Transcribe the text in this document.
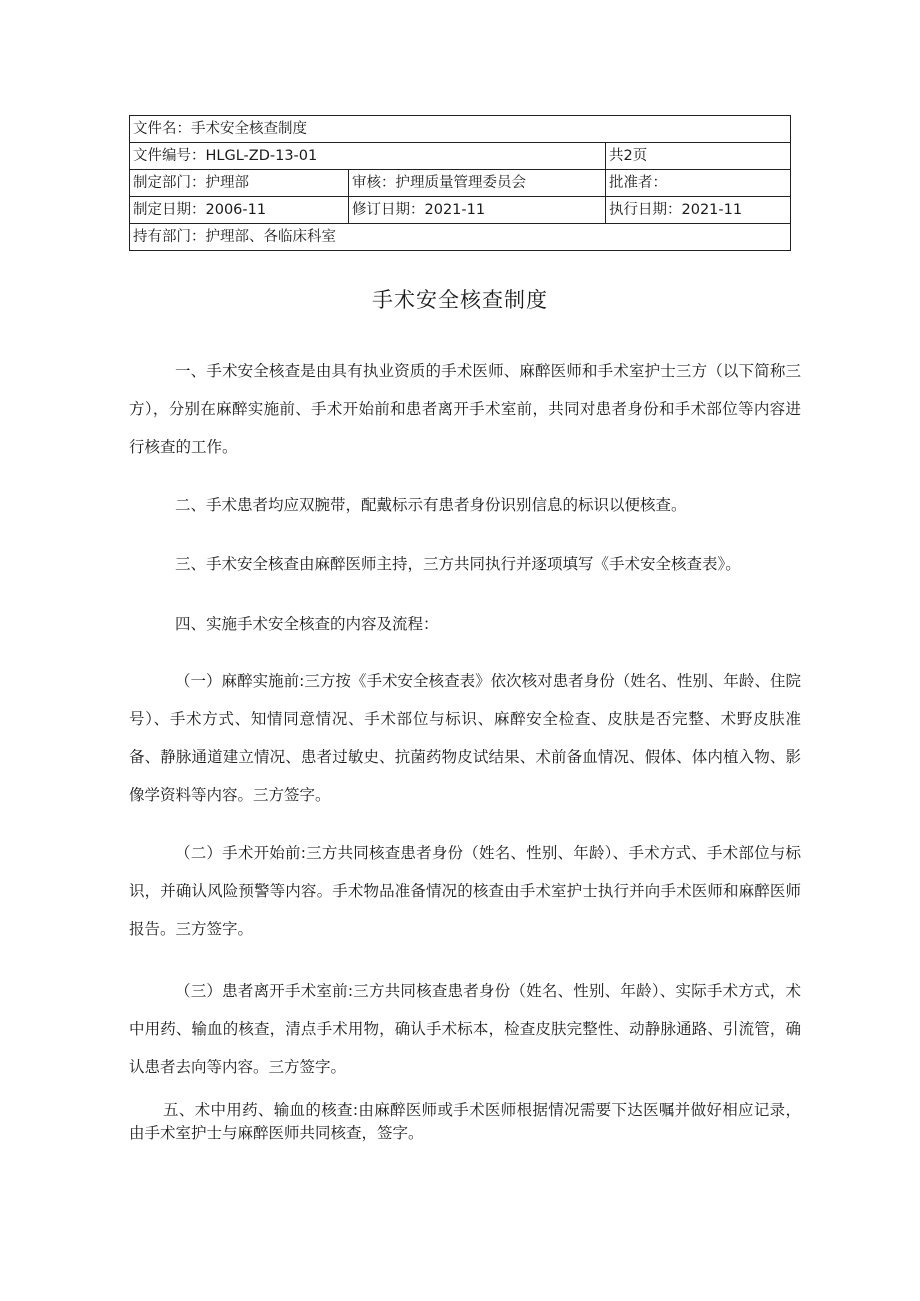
文件名：手术安全核查制度		
文件编号：HLGL-ZD-13-01		共2页
制定部门：护理部	审核：护理质量管理委员会	批准者：
制定日期：2006-11	修订日期：2021-11	执行日期：2021-11
持有部门：护理部、各临床科室		
手术安全核查制度

一、手术安全核查是由具有执业资质的手术医师、麻醉医师和手术室护士三方（以下简称三方），分别在麻醉实施前、手术开始前和患者离开手术室前，共同对患者身份和手术部位等内容进行核查的工作。

二、手术患者均应双腕带，配戴标示有患者身份识别信息的标识以便核查。

三、手术安全核查由麻醉医师主持，三方共同执行并逐项填写《手术安全核查表》。

四、实施手术安全核查的内容及流程：

（一）麻醉实施前:三方按《手术安全核查表》依次核对患者身份（姓名、性别、年龄、住院号）、手术方式、知情同意情况、手术部位与标识、麻醉安全检查、皮肤是否完整、术野皮肤准备、静脉通道建立情况、患者过敏史、抗菌药物皮试结果、术前备血情况、假体、体内植入物、影像学资料等内容。三方签字。

（二）手术开始前:三方共同核查患者身份（姓名、性别、年龄）、手术方式、手术部位与标识，并确认风险预警等内容。手术物品准备情况的核查由手术室护士执行并向手术医师和麻醉医师报告。三方签字。

（三）患者离开手术室前:三方共同核查患者身份（姓名、性别、年龄）、实际手术方式，术中用药、输血的核查，清点手术用物，确认手术标本，检查皮肤完整性、动静脉通路、引流管，确认患者去向等内容。三方签字。

五、术中用药、输血的核查:由麻醉医师或手术医师根据情况需要下达医嘱并做好相应记录，由手术室护士与麻醉医师共同核查，签字。
